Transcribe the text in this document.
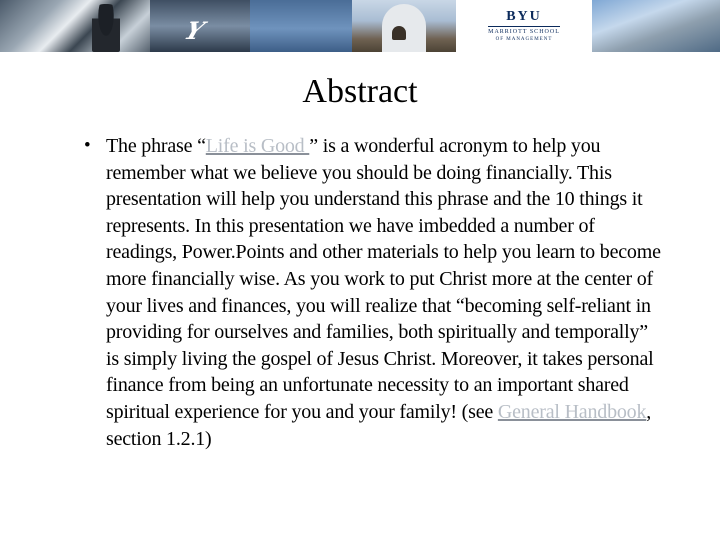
Y	BYU
MARRIOTT SCHOOL
OF MANAGEMENT
Abstract
• The phrase “Life is Good ” is a wonderful acronym to help you remember what we believe you should be doing financially. This presentation will help you understand this phrase and the 10 things it represents. In this presentation we have imbedded a number of readings, Power.Points and other materials to help you learn to become more financially wise. As you work to put Christ more at the center of your lives and finances, you will realize that “becoming self-reliant in providing for ourselves and families, both spiritually and temporally” is simply living the gospel of Jesus Christ. Moreover, it takes personal finance from being an unfortunate necessity to an important shared spiritual experience for you and your family! (see General Handbook, section 1.2.1)
